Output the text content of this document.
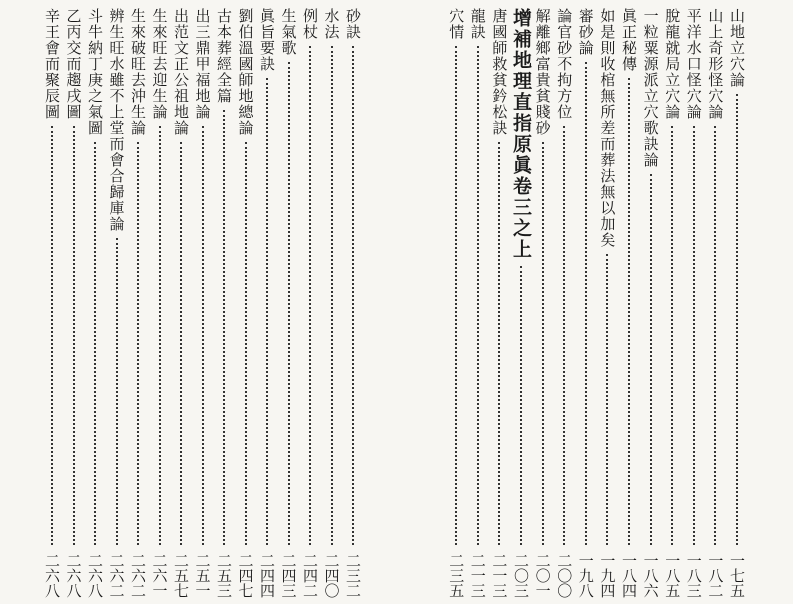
砂訣
二三二
水法
二四〇
例杖
二四二
生氣歌
二四三
眞旨要訣
二四四
劉伯溫國師地總論
二四七
古本葬經全篇
二五三
出三鼎甲福地論
二五一
出范文正公祖地論
二五七
生來旺去迎生論
二六一
生來破旺去沖生論
二六二
辨生旺水雖不上堂而會合歸庫論
二六二
斗牛納丁庚之氣圖
二六八
乙丙交而趨戌圖
二六八
辛王會而聚辰圖
二六八
山地立穴論
一七五
山上奇形怪穴論
一八二
平洋水口怪穴論
一八三
脫龍就局立穴論
一八五
一粒粟源派立穴歌訣論
一八六
眞正秘傳
一八四
如是則收棺無所差而葬法無以加矣
一九四
審砂論
一九八
論官砂不拘方位
二〇〇
解離鄉富貴貧賤砂
二〇一
增補地理直指原眞卷三之上
二〇三
唐國師救貧鈐松訣
二一三
龍訣
二一三
穴情
二三五
